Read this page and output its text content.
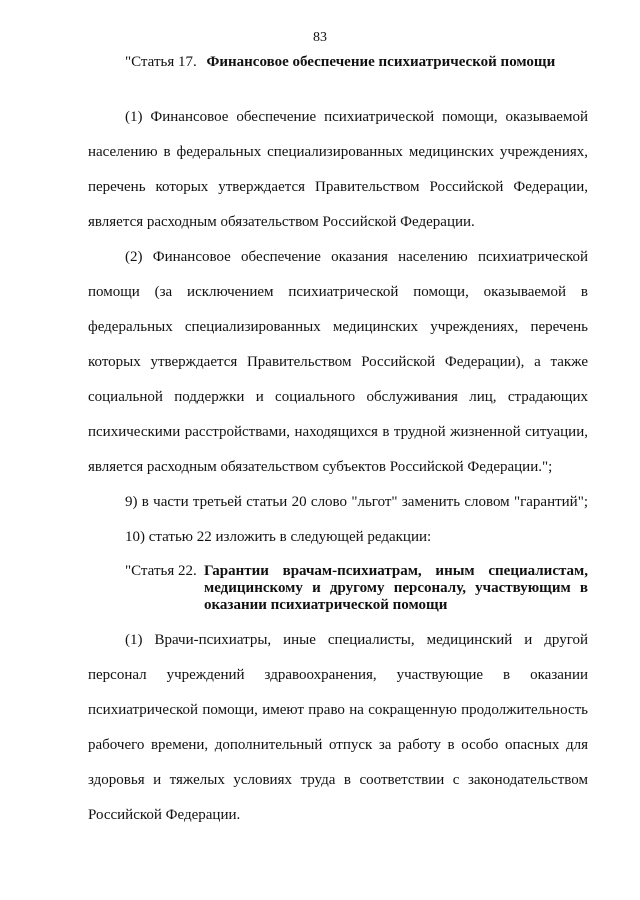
83
"Статья 17. Финансовое обеспечение психиатрической помощи
(1) Финансовое обеспечение психиатрической помощи, оказываемой
населению в федеральных специализированных медицинских учреждениях,
перечень которых утверждается Правительством Российской Федерации,
является расходным обязательством Российской Федерации.
(2) Финансовое обеспечение оказания населению психиатрической
помощи (за исключением психиатрической помощи, оказываемой в
федеральных специализированных медицинских учреждениях, перечень
которых утверждается Правительством Российской Федерации), а также
социальной поддержки и социального обслуживания лиц, страдающих
психическими расстройствами, находящихся в трудной жизненной ситуации,
является расходным обязательством субъектов Российской Федерации.";
9) в части третьей статьи 20 слово "льгот" заменить словом "гарантий";
10) статью 22 изложить в следующей редакции:
"Статья 22. Гарантии врачам-психиатрам, иным специалистам,
медицинскому и другому персоналу, участвующим в
оказании психиатрической помощи
(1) Врачи-психиатры, иные специалисты, медицинский и другой
персонал учреждений здравоохранения, участвующие в оказании
психиатрической помощи, имеют право на сокращенную продолжительность
рабочего времени, дополнительный отпуск за работу в особо опасных для
здоровья и тяжелых условиях труда в соответствии с законодательством
Российской Федерации.
